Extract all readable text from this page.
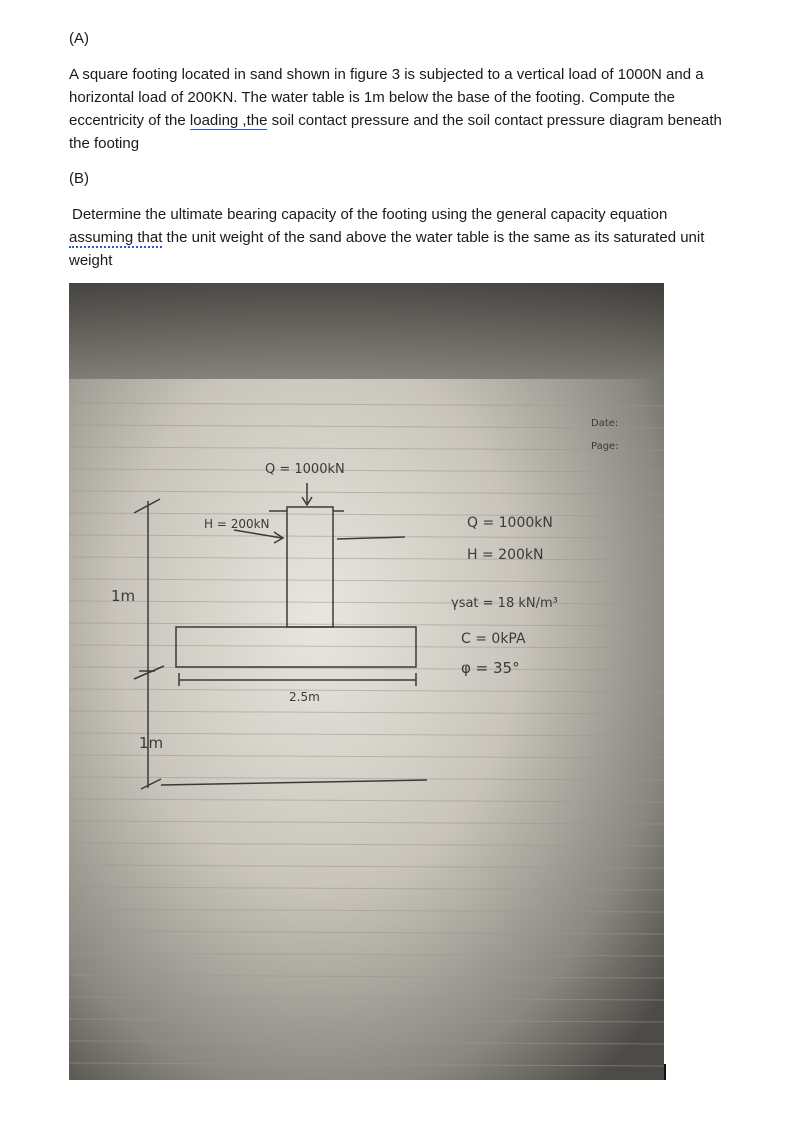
(A)
A square footing located in sand shown in figure 3 is subjected to a vertical load of 1000N and a
horizontal load of 200KN. The water table is 1m below the base of the footing. Compute the
eccentricity of the loading ,the soil contact pressure and the soil contact pressure diagram beneath
the footing
(B)
Determine the ultimate bearing capacity of the footing using the general capacity equation
assuming that the unit weight of the sand above the water table is the same as its saturated unit
weight
Date:
Page:
Q = 1000kN
H = 200kN
1m
1m
2.5m
Q = 1000kN
H = 200kN
γsat = 18 kN/m³
C = 0kPA
φ = 35°
